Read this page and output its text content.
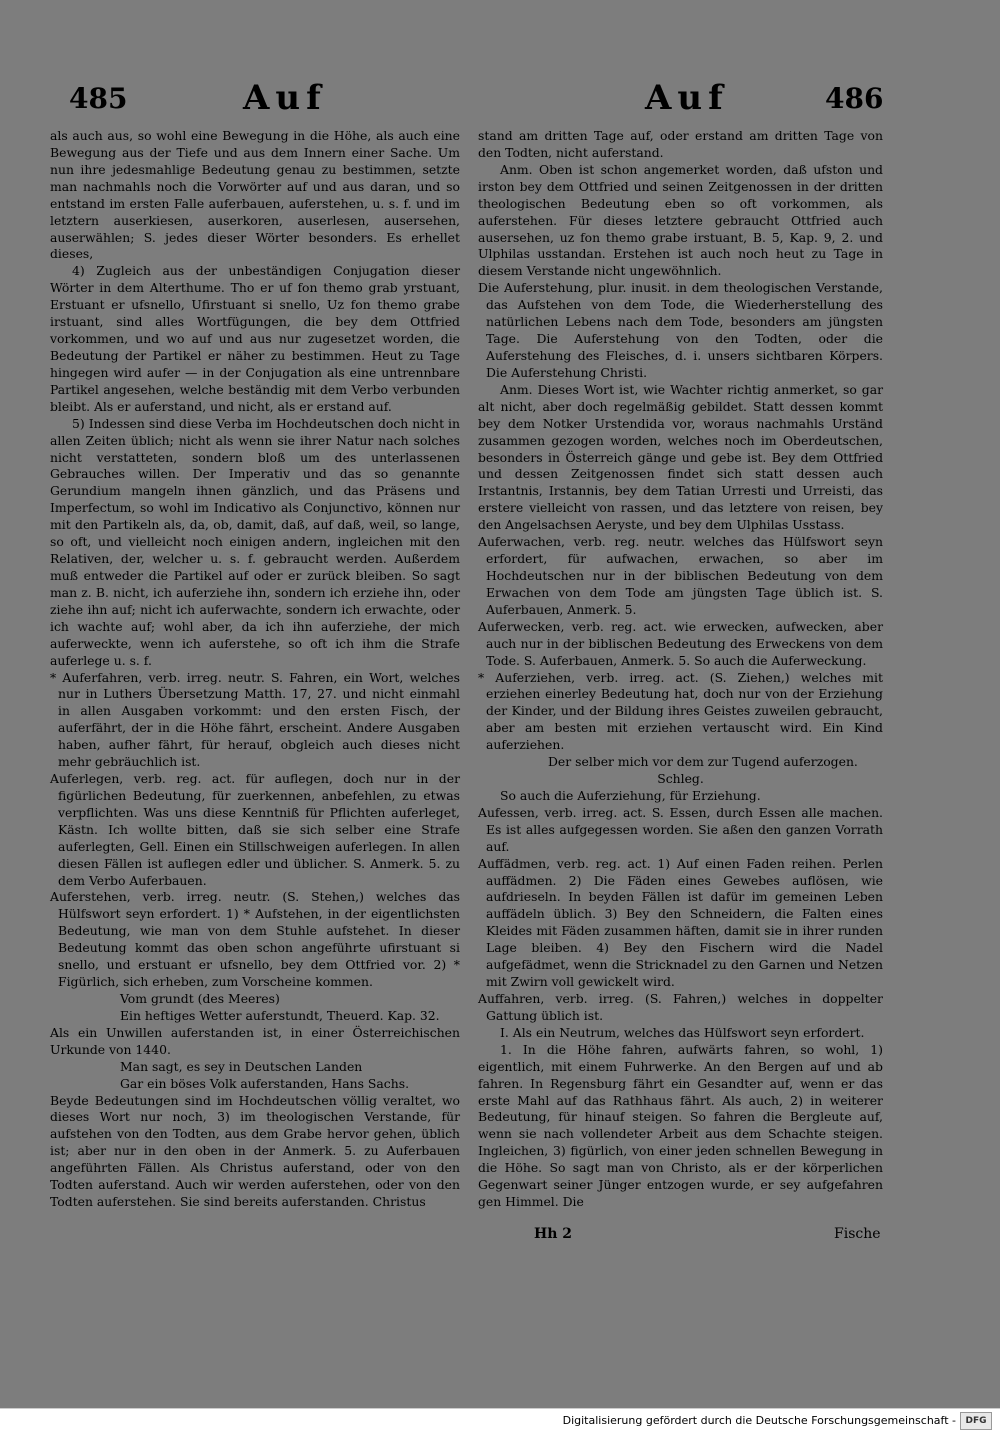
485	Auf	Auf	486

als auch aus, so wohl eine Bewegung in die Höhe, als auch eine Bewegung aus der Tiefe und aus dem Innern einer Sache. Um nun ihre jedesmahlige Bedeutung genau zu bestimmen, setzte man nachmahls noch die Vorwörter auf und aus daran, und so entstand im ersten Falle auferbauen, auferstehen, u. s. f. und im letztern auserkiesen, auserkoren, auserlesen, ausersehen, auserwählen; S. jedes dieser Wörter besonders. Es erhellet dieses,

4) Zugleich aus der unbeständigen Conjugation dieser Wörter in dem Alterthume. Tho er uf fon themo grab yrstuant, Erstuant er ufsnello, Ufirstuant si snello, Uz fon themo grabe irstuant, sind alles Wortfügungen, die bey dem Ottfried vorkommen, und wo auf und aus nur zugesetzet worden, die Bedeutung der Partikel er näher zu bestimmen. Heut zu Tage hingegen wird aufer — in der Conjugation als eine untrennbare Partikel angesehen, welche beständig mit dem Verbo verbunden bleibt. Als er auferstand, und nicht, als er erstand auf.

5) Indessen sind diese Verba im Hochdeutschen doch nicht in allen Zeiten üblich; nicht als wenn sie ihrer Natur nach solches nicht verstatteten, sondern bloß um des unterlassenen Gebrauches willen. Der Imperativ und das so genannte Gerundium mangeln ihnen gänzlich, und das Präsens und Imperfectum, so wohl im Indicativo als Conjunctivo, können nur mit den Partikeln als, da, ob, damit, daß, auf daß, weil, so lange, so oft, und vielleicht noch einigen andern, ingleichen mit den Relativen, der, welcher u. s. f. gebraucht werden. Außerdem muß entweder die Partikel auf oder er zurück bleiben. So sagt man z. B. nicht, ich auferziehe ihn, sondern ich erziehe ihn, oder ziehe ihn auf; nicht ich auferwachte, sondern ich erwachte, oder ich wachte auf; wohl aber, da ich ihn auferziehe, der mich auferweckte, wenn ich auferstehe, so oft ich ihm die Strafe auferlege u. s. f.

* Auferfahren, verb. irreg. neutr. S. Fahren, ein Wort, welches nur in Luthers Übersetzung Matth. 17, 27. und nicht einmahl in allen Ausgaben vorkommt: und den ersten Fisch, der auferfährt, der in die Höhe fährt, erscheint. Andere Ausgaben haben, aufher fährt, für herauf, obgleich auch dieses nicht mehr gebräuchlich ist.

Auferlegen, verb. reg. act. für auflegen, doch nur in der figürlichen Bedeutung, für zuerkennen, anbefehlen, zu etwas verpflichten. Was uns diese Kenntniß für Pflichten auferleget, Kästn. Ich wollte bitten, daß sie sich selber eine Strafe auferlegten, Gell. Einen ein Stillschweigen auferlegen. In allen diesen Fällen ist auflegen edler und üblicher. S. Anmerk. 5. zu dem Verbo Auferbauen.

Auferstehen, verb. irreg. neutr. (S. Stehen,) welches das Hülfswort seyn erfordert. 1) * Aufstehen, in der eigentlichsten Bedeutung, wie man von dem Stuhle aufstehet. In dieser Bedeutung kommt das oben schon angeführte ufirstuant si snello, und erstuant er ufsnello, bey dem Ottfried vor. 2) * Figürlich, sich erheben, zum Vorscheine kommen.

Vom grundt (des Meeres)

Ein heftiges Wetter auferstundt, Theuerd. Kap. 32.

Als ein Unwillen auferstanden ist, in einer Österreichischen Urkunde von 1440.

Man sagt, es sey in Deutschen Landen

Gar ein böses Volk auferstanden, Hans Sachs.

Beyde Bedeutungen sind im Hochdeutschen völlig veraltet, wo dieses Wort nur noch, 3) im theologischen Verstande, für aufstehen von den Todten, aus dem Grabe hervor gehen, üblich ist; aber nur in den oben in der Anmerk. 5. zu Auferbauen angeführten Fällen. Als Christus auferstand, oder von den Todten auferstand. Auch wir werden auferstehen, oder von den Todten auferstehen. Sie sind bereits auferstanden. Christus

stand am dritten Tage auf, oder erstand am dritten Tage von den Todten, nicht auferstand.

Anm. Oben ist schon angemerket worden, daß ufston und irston bey dem Ottfried und seinen Zeitgenossen in der dritten theologischen Bedeutung eben so oft vorkommen, als auferstehen. Für dieses letztere gebraucht Ottfried auch ausersehen, uz fon themo grabe irstuant, B. 5, Kap. 9, 2. und Ulphilas usstandan. Erstehen ist auch noch heut zu Tage in diesem Verstande nicht ungewöhnlich.

Die Auferstehung, plur. inusit. in dem theologischen Verstande, das Aufstehen von dem Tode, die Wiederherstellung des natürlichen Lebens nach dem Tode, besonders am jüngsten Tage. Die Auferstehung von den Todten, oder die Auferstehung des Fleisches, d. i. unsers sichtbaren Körpers. Die Auferstehung Christi.

Anm. Dieses Wort ist, wie Wachter richtig anmerket, so gar alt nicht, aber doch regelmäßig gebildet. Statt dessen kommt bey dem Notker Urstendida vor, woraus nachmahls Urständ zusammen gezogen worden, welches noch im Oberdeutschen, besonders in Österreich gänge und gebe ist. Bey dem Ottfried und dessen Zeitgenossen findet sich statt dessen auch Irstantnis, Irstannis, bey dem Tatian Urresti und Urreisti, das erstere vielleicht von rassen, und das letztere von reisen, bey den Angelsachsen Aeryste, und bey dem Ulphilas Usstass.

Auferwachen, verb. reg. neutr. welches das Hülfswort seyn erfordert, für aufwachen, erwachen, so aber im Hochdeutschen nur in der biblischen Bedeutung von dem Erwachen von dem Tode am jüngsten Tage üblich ist. S. Auferbauen, Anmerk. 5.

Auferwecken, verb. reg. act. wie erwecken, aufwecken, aber auch nur in der biblischen Bedeutung des Erweckens von dem Tode. S. Auferbauen, Anmerk. 5. So auch die Auferweckung.

* Auferziehen, verb. irreg. act. (S. Ziehen,) welches mit erziehen einerley Bedeutung hat, doch nur von der Erziehung der Kinder, und der Bildung ihres Geistes zuweilen gebraucht, aber am besten mit erziehen vertauscht wird. Ein Kind auferziehen.

Der selber mich vor dem zur Tugend auferzogen.

Schleg.

So auch die Auferziehung, für Erziehung.

Aufessen, verb. irreg. act. S. Essen, durch Essen alle machen. Es ist alles aufgegessen worden. Sie aßen den ganzen Vorrath auf.

Auffädmen, verb. reg. act. 1) Auf einen Faden reihen. Perlen auffädmen. 2) Die Fäden eines Gewebes auflösen, wie aufdrieseln. In beyden Fällen ist dafür im gemeinen Leben auffädeln üblich. 3) Bey den Schneidern, die Falten eines Kleides mit Fäden zusammen häften, damit sie in ihrer runden Lage bleiben. 4) Bey den Fischern wird die Nadel aufgefädmet, wenn die Stricknadel zu den Garnen und Netzen mit Zwirn voll gewickelt wird.

Auffahren, verb. irreg. (S. Fahren,) welches in doppelter Gattung üblich ist.

I. Als ein Neutrum, welches das Hülfswort seyn erfordert.

1. In die Höhe fahren, aufwärts fahren, so wohl, 1) eigentlich, mit einem Fuhrwerke. An den Bergen auf und ab fahren. In Regensburg fährt ein Gesandter auf, wenn er das erste Mahl auf das Rathhaus fährt. Als auch, 2) in weiterer Bedeutung, für hinauf steigen. So fahren die Bergleute auf, wenn sie nach vollendeter Arbeit aus dem Schachte steigen. Ingleichen, 3) figürlich, von einer jeden schnellen Bewegung in die Höhe. So sagt man von Christo, als er der körperlichen Gegenwart seiner Jünger entzogen wurde, er sey aufgefahren gen Himmel. Die

Hh 2	Fische
Digitalisierung gefördert durch die Deutsche Forschungsgemeinschaft -	DFG
